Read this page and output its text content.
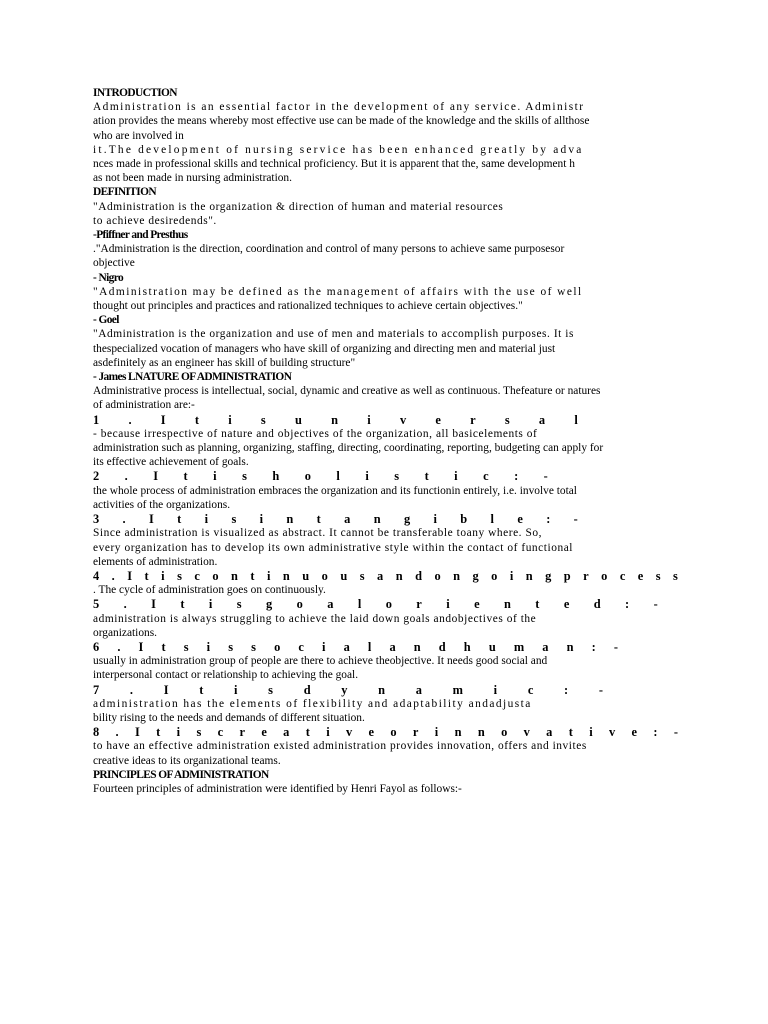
INTRODUCTION
Administration is an essential factor in the development of any service. Administr
ation provides the means whereby most effective use can be made of the knowledge and the skills of allthose
who are involved in
it.The development of nursing service has been enhanced greatly by adva
nces made in professional skills and technical proficiency. But it is apparent that the, same development h
as not been made in nursing administration.
DEFINITION
"Administration is the organization & direction of human and material resources
to achieve desiredends".
-Pfiffner and Presthus
."Administration is the direction, coordination and control of many persons to achieve same purposesor
objective
- Nigro
"Administration may be defined as the management of affairs with the use of well
thought out principles and practices and rationalized techniques to achieve certain objectives."
- Goel
"Administration is the organization and use of men and materials to accomplish purposes. It is
thespecialized vocation of managers who have skill of organizing and directing men and material just
asdefinitely as an engineer has skill of building structure"
- James LNATURE OF ADMINISTRATION
Administrative process is intellectual, social, dynamic and creative as well as continuous. Thefeature or natures
of administration are:-
1 . I t i s u n i v e r s a l
- because irrespective of nature and objectives of the organization, all basicelements of
administration such as planning, organizing, staffing, directing, coordinating, reporting, budgeting can apply for
its effective achievement of goals.
2 . I t i s h o l i s t i c : -
the whole process of administration embraces the organization and its functionin entirely, i.e. involve total
activities of the organizations.
3 . I t i s i n t a n g i b l e : -
Since administration is visualized as abstract. It cannot be transferable toany where. So,
every organization has to develop its own administrative style within the contact of functional
elements of administration.
4 . I t i s c o n t i n u o u s a n d o n g o i n g p r o c e s s
. The cycle of administration goes on continuously.
5 . I t i s g o a l o r i e n t e d : -
administration is always struggling to achieve the laid down goals andobjectives of the
organizations.
6 . I t s i s s o c i a l a n d h u m a n : -
usually in administration group of people are there to achieve theobjective. It needs good social and
interpersonal contact or relationship to achieving the goal.
7 . I t i s d y n a m i c : -
administration has the elements of flexibility and adaptability andadjusta
bility rising to the needs and demands of different situation.
8 . I t i s c r e a t i v e o r i n n o v a t i v e : -
to have an effective administration existed administration provides innovation, offers and invites
creative ideas to its organizational teams.
PRINCIPLES OF ADMINISTRATION
Fourteen principles of administration were identified by Henri Fayol as follows:-
